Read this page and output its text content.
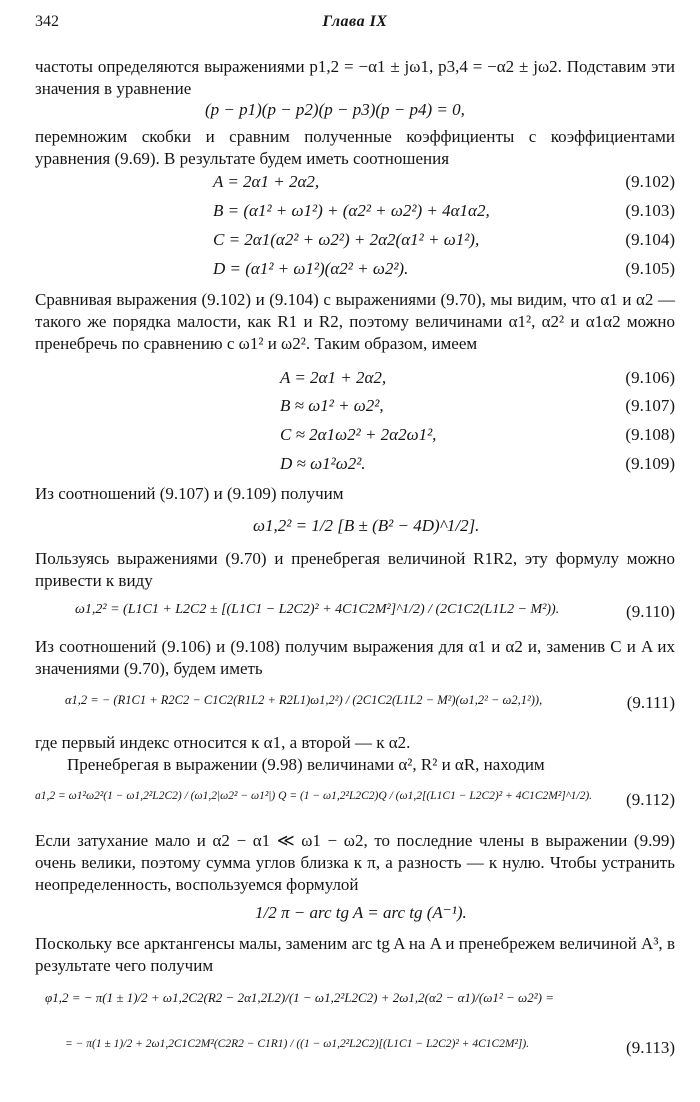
342	Глава IX

частоты определяются выражениями p1,2 = −α1 ± jω1, p3,4 = −α2 ± jω2. Подставим эти значения в уравнение

(p − p1)(p − p2)(p − p3)(p − p4) = 0,

перемножим скобки и сравним полученные коэффициенты с коэффициентами уравнения (9.69). В результате будем иметь соотношения

A = 2α1 + 2α2,	(9.102)
B = (α1² + ω1²) + (α2² + ω2²) + 4α1α2,	(9.103)
C = 2α1(α2² + ω2²) + 2α2(α1² + ω1²),	(9.104)
D = (α1² + ω1²)(α2² + ω2²).	(9.105)

Сравнивая выражения (9.102) и (9.104) с выражениями (9.70), мы видим, что α1 и α2 — такого же порядка малости, как R1 и R2, поэтому величинами α1², α2² и α1α2 можно пренебречь по сравнению с ω1² и ω2². Таким образом, имеем

A = 2α1 + 2α2,	(9.106)
B ≈ ω1² + ω2²,	(9.107)
C ≈ 2α1ω2² + 2α2ω1²,	(9.108)
D ≈ ω1²ω2².	(9.109)

Из соотношений (9.107) и (9.109) получим

ω1,2² = 1/2 [B ± (B² − 4D)^1/2].

Пользуясь выражениями (9.70) и пренебрегая величиной R1R2, эту формулу можно привести к виду

ω1,2² = (L1C1 + L2C2 ± [(L1C1 − L2C2)² + 4C1C2M²]^1/2) / (2C1C2(L1L2 − M²)).	(9.110)

Из соотношений (9.106) и (9.108) получим выражения для α1 и α2 и, заменив C и A их значениями (9.70), будем иметь

α1,2 = − (R1C1 + R2C2 − C1C2(R1L2 + R2L1)ω1,2²) / (2C1C2(L1L2 − M²)(ω1,2² − ω2,1²)),	(9.111)

где первый индекс относится к α1, а второй — к α2.

Пренебрегая в выражении (9.98) величинами α², R² и αR, находим

a1,2 = ω1²ω2²(1 − ω1,2²L2C2) / (ω1,2|ω2² − ω1²|) Q = (1 − ω1,2²L2C2)Q / (ω1,2[(L1C1 − L2C2)² + 4C1C2M²]^1/2). (9.112)

Если затухание мало и α2 − α1 ≪ ω1 − ω2, то последние члены в выражении (9.99) очень велики, поэтому сумма углов близка к π, а разность — к нулю. Чтобы устранить неопределенность, воспользуемся формулой

1/2 π − arc tg A = arc tg (A⁻¹).

Поскольку все арктангенсы малы, заменим arc tg A на A и пренебрежем величиной A³, в результате чего получим

φ1,2 = − π(1 ± 1)/2 + ω1,2C2(R2 − 2α1,2L2)/(1 − ω1,2²L2C2) + 2ω1,2(α2 − α1)/(ω1² − ω2²) =
= − π(1 ± 1)/2 + 2ω1,2C1C2M²(C2R2 − C1R1) / ((1 − ω1,2²L2C2)[(L1C1 − L2C2)² + 4C1C2M²]).	(9.113)
